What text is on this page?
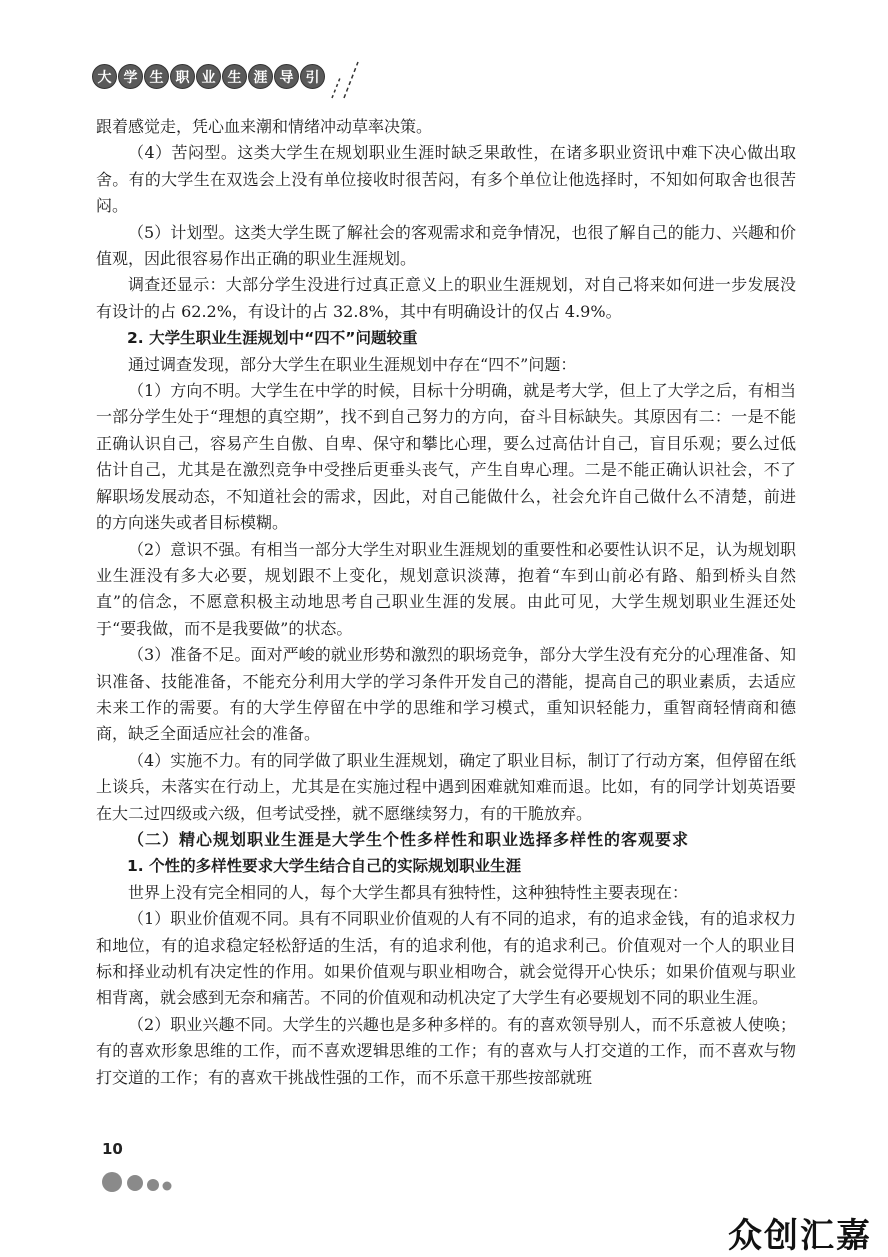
大 学 生 职 业 生 涯 导 引

跟着感觉走，凭心血来潮和情绪冲动草率决策。

（4）苦闷型。这类大学生在规划职业生涯时缺乏果敢性，在诸多职业资讯中难下决心做出取舍。有的大学生在双选会上没有单位接收时很苦闷，有多个单位让他选择时，不知如何取舍也很苦闷。

（5）计划型。这类大学生既了解社会的客观需求和竞争情况，也很了解自己的能力、兴趣和价值观，因此很容易作出正确的职业生涯规划。

调查还显示：大部分学生没进行过真正意义上的职业生涯规划，对自己将来如何进一步发展没有设计的占 62.2%，有设计的占 32.8%，其中有明确设计的仅占 4.9%。

2. 大学生职业生涯规划中“四不”问题较重

通过调查发现，部分大学生在职业生涯规划中存在“四不”问题：

（1）方向不明。大学生在中学的时候，目标十分明确，就是考大学，但上了大学之后，有相当一部分学生处于“理想的真空期”，找不到自己努力的方向，奋斗目标缺失。其原因有二：一是不能正确认识自己，容易产生自傲、自卑、保守和攀比心理，要么过高估计自己，盲目乐观；要么过低估计自己，尤其是在激烈竞争中受挫后更垂头丧气，产生自卑心理。二是不能正确认识社会，不了解职场发展动态，不知道社会的需求，因此，对自己能做什么，社会允许自己做什么不清楚，前进的方向迷失或者目标模糊。

（2）意识不强。有相当一部分大学生对职业生涯规划的重要性和必要性认识不足，认为规划职业生涯没有多大必要，规划跟不上变化，规划意识淡薄，抱着“车到山前必有路、船到桥头自然直”的信念，不愿意积极主动地思考自己职业生涯的发展。由此可见，大学生规划职业生涯还处于“要我做，而不是我要做”的状态。

（3）准备不足。面对严峻的就业形势和激烈的职场竞争，部分大学生没有充分的心理准备、知识准备、技能准备，不能充分利用大学的学习条件开发自己的潜能，提高自己的职业素质，去适应未来工作的需要。有的大学生停留在中学的思维和学习模式，重知识轻能力，重智商轻情商和德商，缺乏全面适应社会的准备。

（4）实施不力。有的同学做了职业生涯规划，确定了职业目标，制订了行动方案，但停留在纸上谈兵，未落实在行动上，尤其是在实施过程中遇到困难就知难而退。比如，有的同学计划英语要在大二过四级或六级，但考试受挫，就不愿继续努力，有的干脆放弃。

（二）精心规划职业生涯是大学生个性多样性和职业选择多样性的客观要求

1. 个性的多样性要求大学生结合自己的实际规划职业生涯

世界上没有完全相同的人，每个大学生都具有独特性，这种独特性主要表现在：

（1）职业价值观不同。具有不同职业价值观的人有不同的追求，有的追求金钱，有的追求权力和地位，有的追求稳定轻松舒适的生活，有的追求利他，有的追求利己。价值观对一个人的职业目标和择业动机有决定性的作用。如果价值观与职业相吻合，就会觉得开心快乐；如果价值观与职业相背离，就会感到无奈和痛苦。不同的价值观和动机决定了大学生有必要规划不同的职业生涯。

（2）职业兴趣不同。大学生的兴趣也是多种多样的。有的喜欢领导别人，而不乐意被人使唤；有的喜欢形象思维的工作，而不喜欢逻辑思维的工作；有的喜欢与人打交道的工作，而不喜欢与物打交道的工作；有的喜欢干挑战性强的工作，而不乐意干那些按部就班

10
众创汇嘉
